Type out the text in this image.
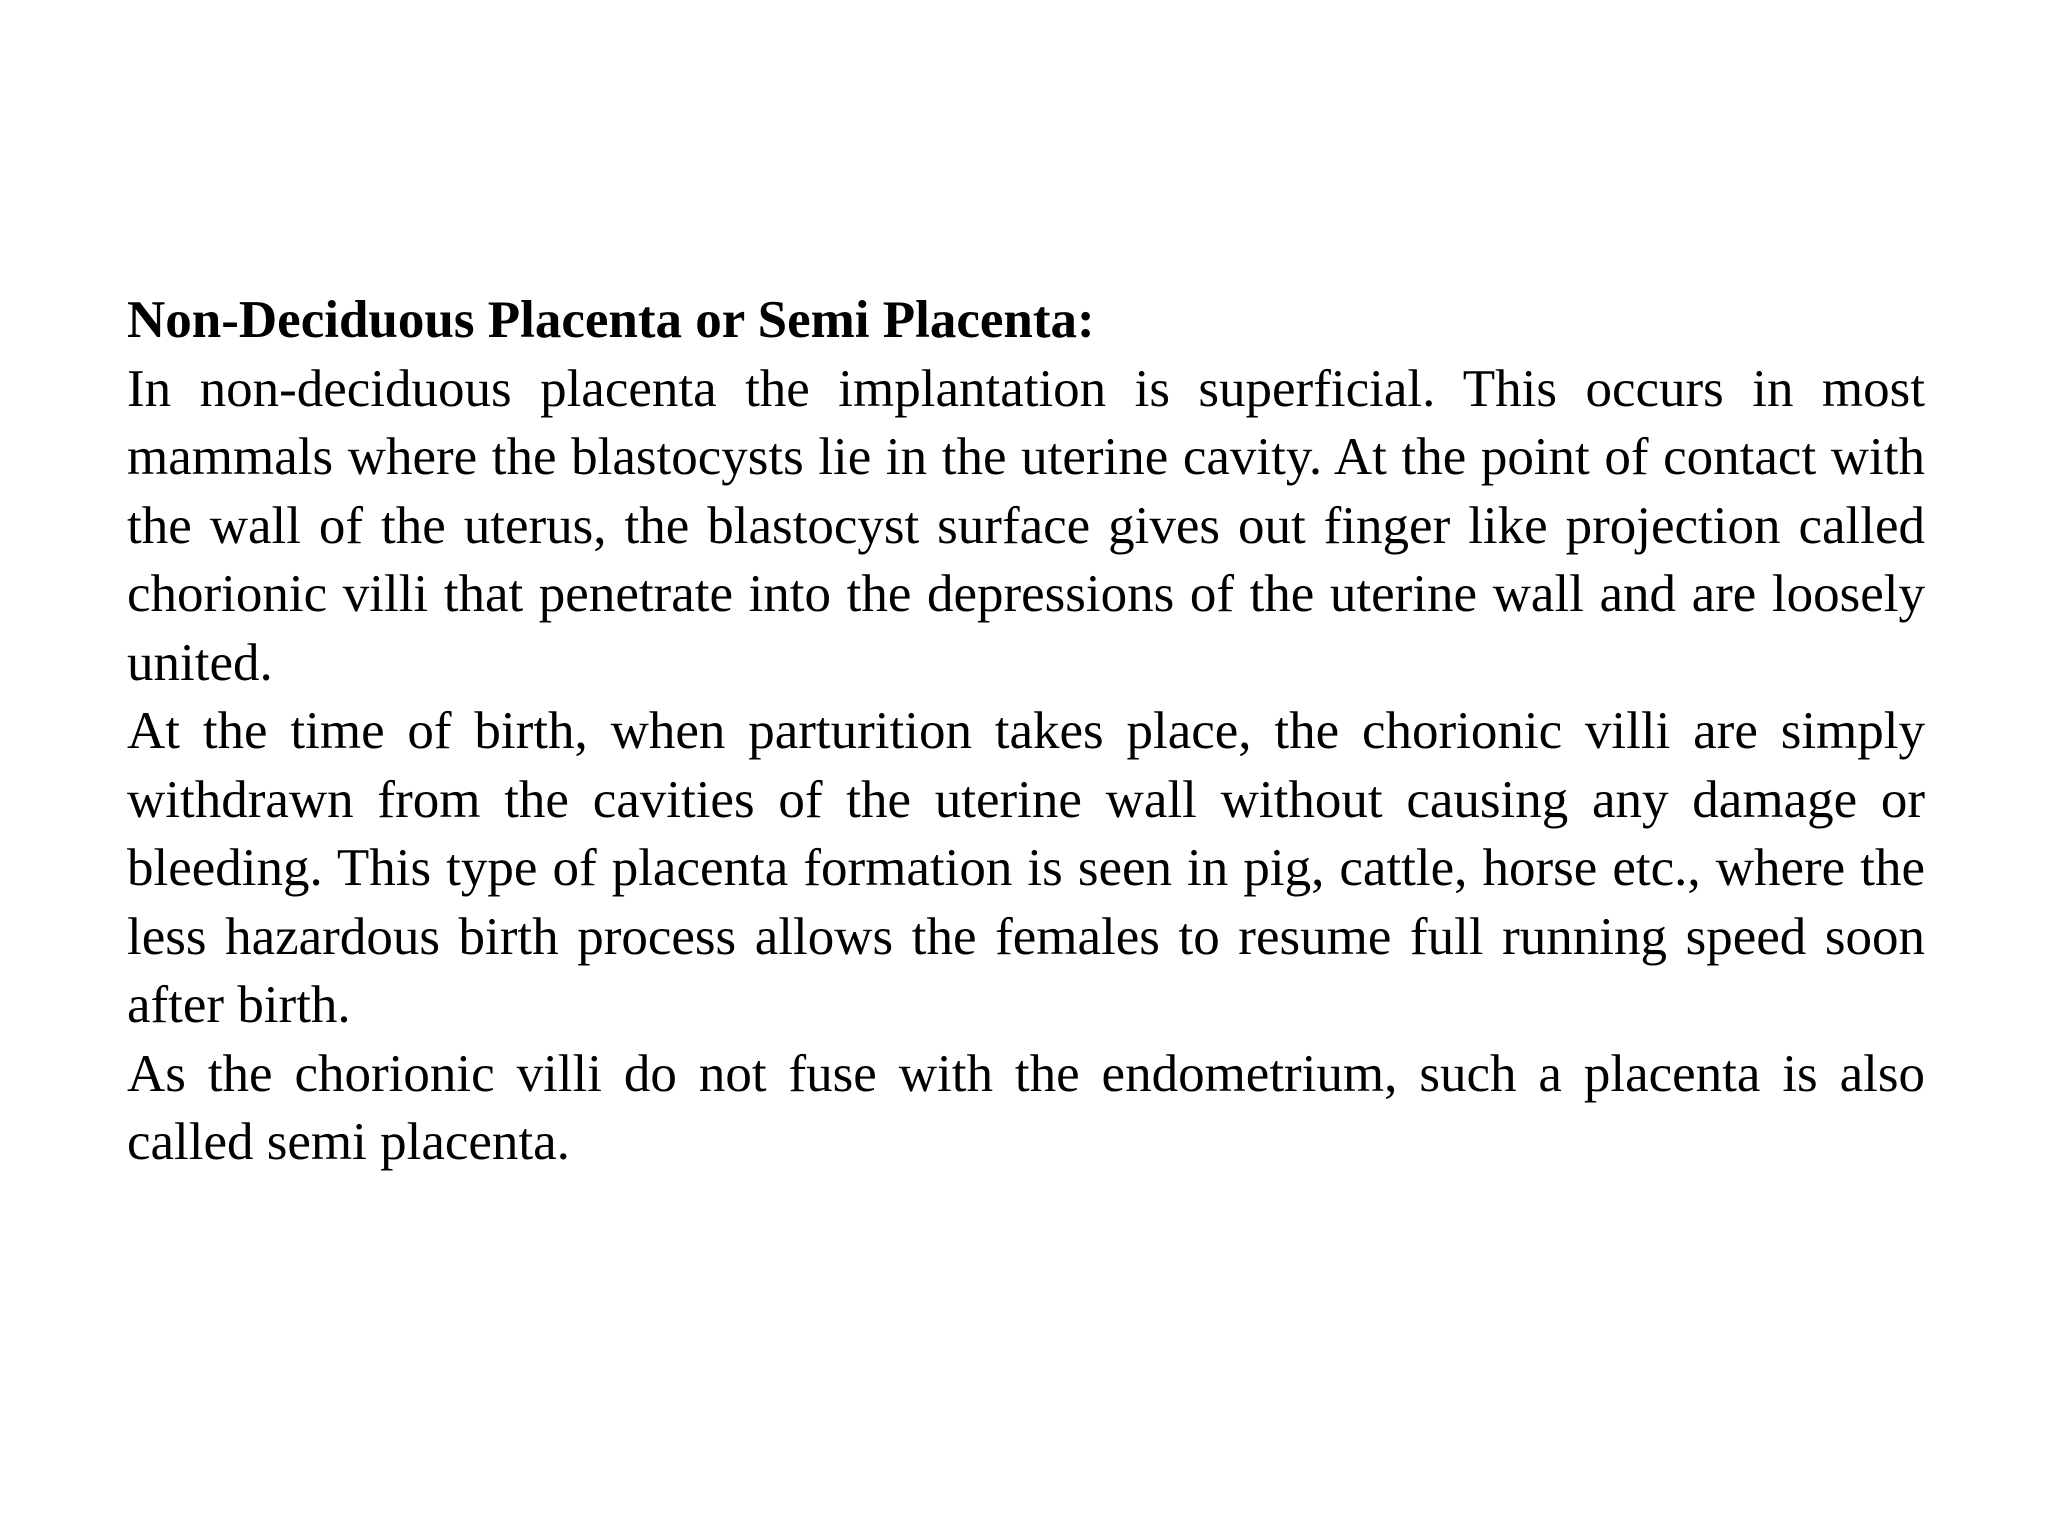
Non-Deciduous Placenta or Semi Placenta:

In non-deciduous placenta the implantation is superficial. This occurs in most mammals where the blastocysts lie in the uterine cavity. At the point of contact with the wall of the uterus, the blastocyst surface gives out finger like projection called chorionic villi that penetrate into the depressions of the uterine wall and are loosely united.

At the time of birth, when parturition takes place, the chorionic villi are simply withdrawn from the cavities of the uterine wall without causing any damage or bleeding. This type of placenta formation is seen in pig, cattle, horse etc., where the less hazardous birth process allows the females to resume full running speed soon after birth.

As the chorionic villi do not fuse with the endometrium, such a placenta is also called semi placenta.
